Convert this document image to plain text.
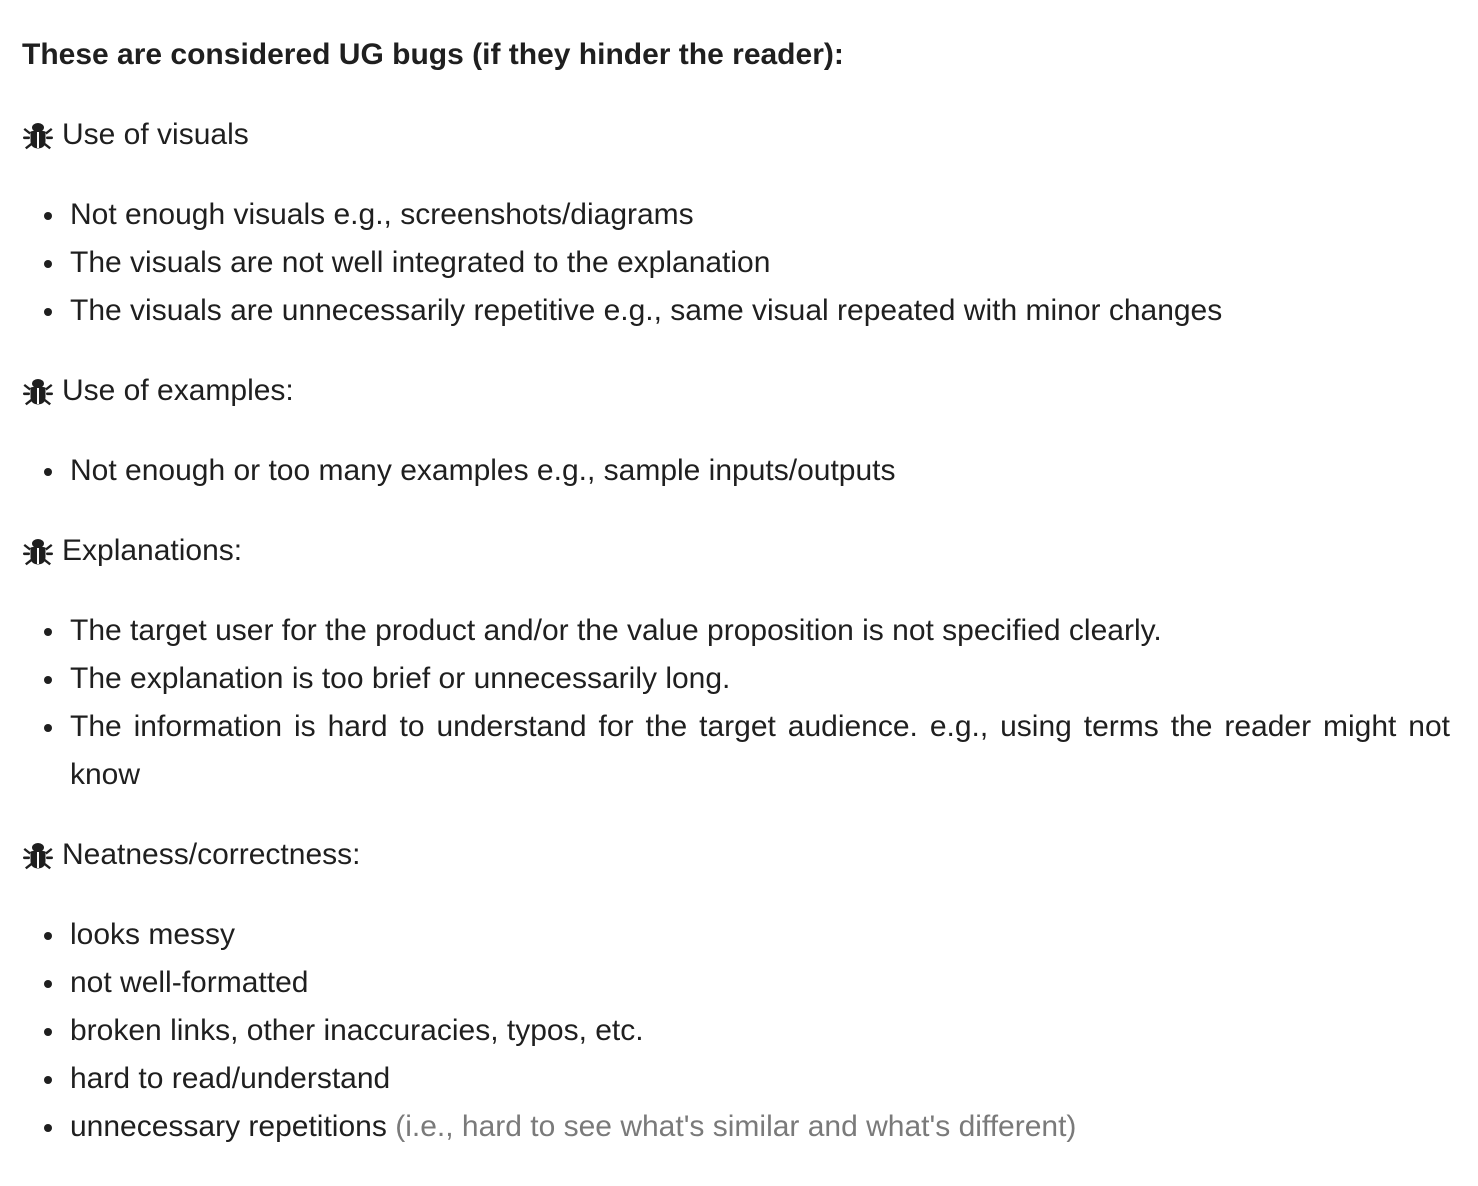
These are considered UG bugs (if they hinder the reader):
Use of visuals
Not enough visuals e.g., screenshots/diagrams
The visuals are not well integrated to the explanation
The visuals are unnecessarily repetitive e.g., same visual repeated with minor changes
Use of examples:
Not enough or too many examples e.g., sample inputs/outputs
Explanations:
The target user for the product and/or the value proposition is not specified clearly.
The explanation is too brief or unnecessarily long.
The information is hard to understand for the target audience. e.g., using terms the reader might not know
Neatness/correctness:
looks messy
not well-formatted
broken links, other inaccuracies, typos, etc.
hard to read/understand
unnecessary repetitions (i.e., hard to see what's similar and what's different)
